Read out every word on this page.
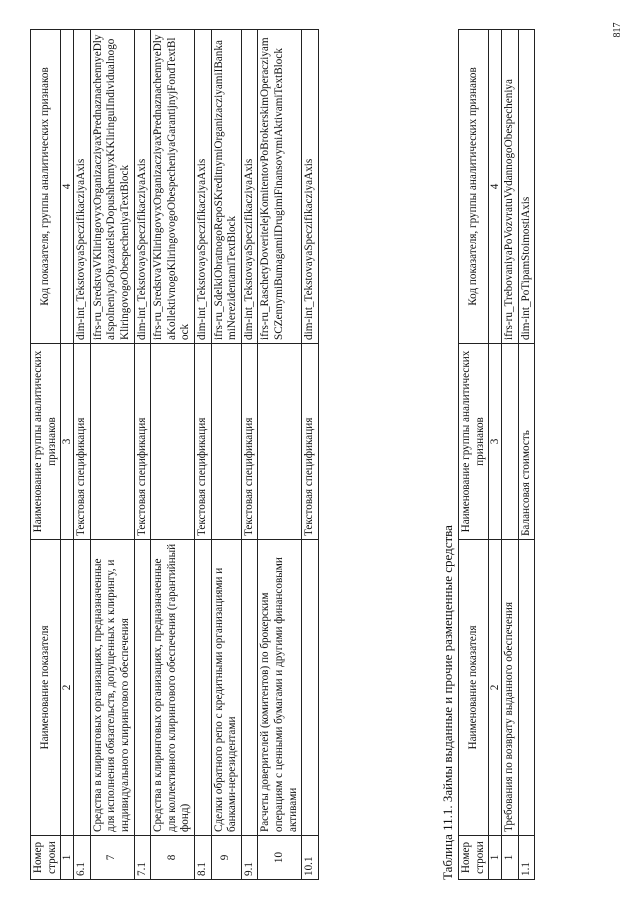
817
Номер строки	Наименование показателя	Наименование группы аналитических признаков	Код показателя, группы аналитических признаков
1	2	3	4
6.1		Текстовая спецификация	dim-int_TekstovayaSpeczifikacziyaAxis
7	Средства в клиринговых организациях, предназначенные для исполнения обязательств, допущенных к клирингу, и индивидуального клирингового обеспечения		ifrs-ru_SredstvaVKliringovyxOrganizacziyaxPrednaznachennyeDlyaIspolneniyaObyazatelstvDopushhennyxKKliringuIIndividualnogoKliringovogoObespecheniyaTextBlock
7.1		Текстовая спецификация	dim-int_TekstovayaSpeczifikacziyaAxis
8	Средства в клиринговых организациях, предназначенные для коллективного клирингового обеспечения (гарантийный фонд)		ifrs-ru_SredstvaVKliringovyxOrganizacziyaxPrednaznachennyeDlyaKollektivnogoKliringovogoObespecheniyaGarantijnyjFondTextBlock
8.1		Текстовая спецификация	dim-int_TekstovayaSpeczifikacziyaAxis
9	Сделки обратного репо с кредитными организациями и банками-нерезидентами		ifrs-ru_SdelkiObratnogoRepoSKreditnymiOrganizacziyamiIBankamiNerezidentamiTextBlock
9.1		Текстовая спецификация	dim-int_TekstovayaSpeczifikacziyaAxis
10	Расчеты доверителей (комитентов) по брокерским операциям с ценными бумагами и другими финансовыми активами		ifrs-ru_RaschetyDoveritelejKomitentovPoBrokerskimOperacziyamSCZennymiBumagamiIDrugimiFinansovymiAktivamiTextBlock
10.1		Текстовая спецификация	dim-int_TekstovayaSpeczifikacziyaAxis
Таблица 11.1. Займы выданные и прочие размещенные средства Номер строки	Наименование показателя	Наименование группы аналитических признаков	Код показателя, группы аналитических признаков
1	2	3	4
1	Требования по возврату выданного обеспечения		ifrs-ru_TrebovaniyaPoVozvratuVydannogoObespecheniya
1.1		Балансовая стоимость	dim-int_PoTipamStoimostiAxis
